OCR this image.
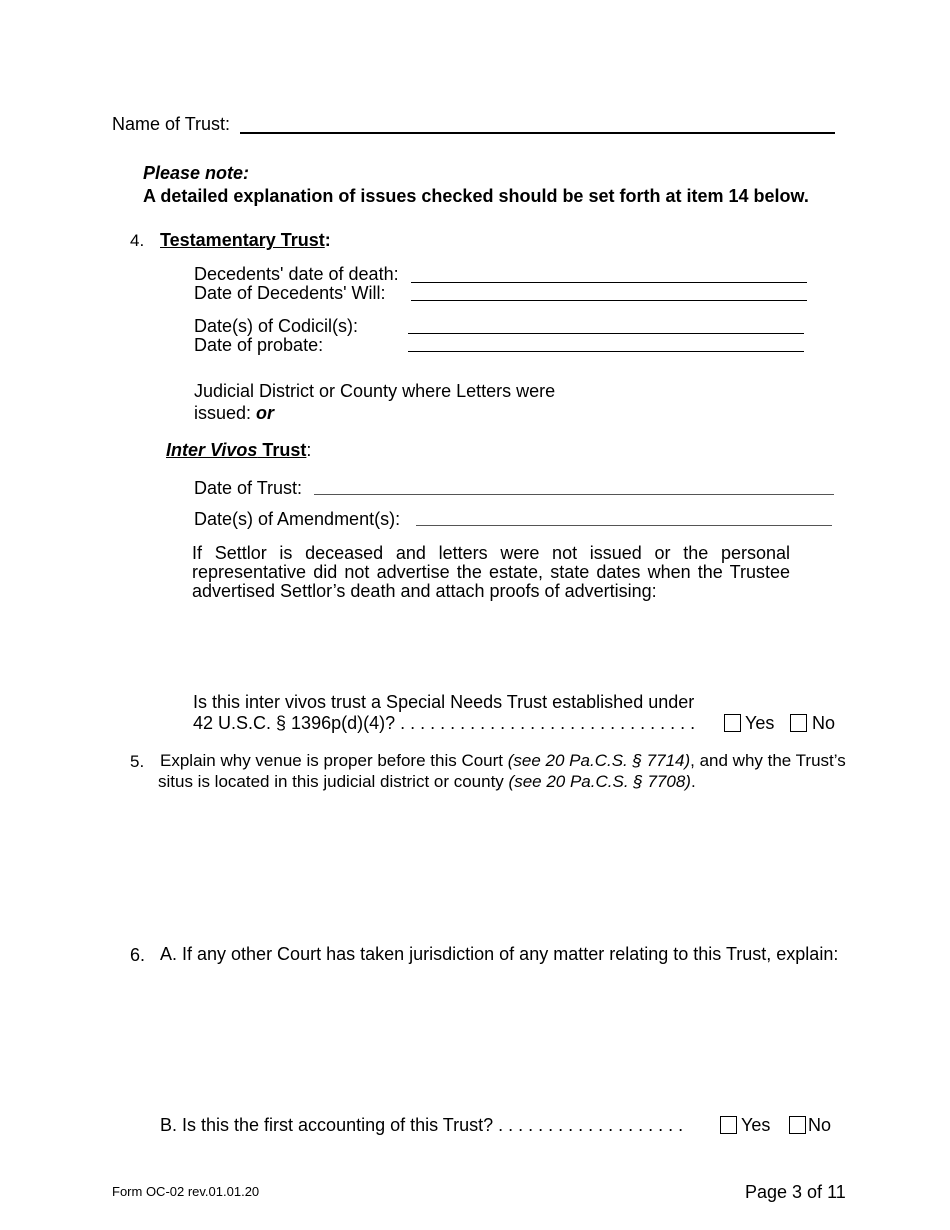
Name of Trust:
Please note:
A detailed explanation of issues checked should be set forth at item 14 below.
4. Testamentary Trust:
Decedents' date of death:
Date of Decedents' Will:
Date(s) of Codicil(s):
Date of probate:
Judicial District or County where Letters were
issued: or
Inter Vivos Trust:
Date of Trust:
Date(s) of Amendment(s):
If Settlor is deceased and letters were not issued or the personal representative did not advertise the estate, state dates when the Trustee advertised Settlor’s death and attach proofs of advertising:
Is this inter vivos trust a Special Needs Trust established under
42 U.S.C. § 1396p(d)(4)? . . . . . . . . . . . . . . . . . . . . . . . . . . . . . .	Yes	No
5. Explain why venue is proper before this Court (see 20 Pa.C.S. § 7714), and why the Trust’s
situs is located in this judicial district or county (see 20 Pa.C.S. § 7708).
6. A. If any other Court has taken jurisdiction of any matter relating to this Trust, explain:
B. Is this the first accounting of this Trust? . . . . . . . . . . . . . . . . . . .	Yes	No
Form OC-02 rev.01.01.20	Page 3 of 11
